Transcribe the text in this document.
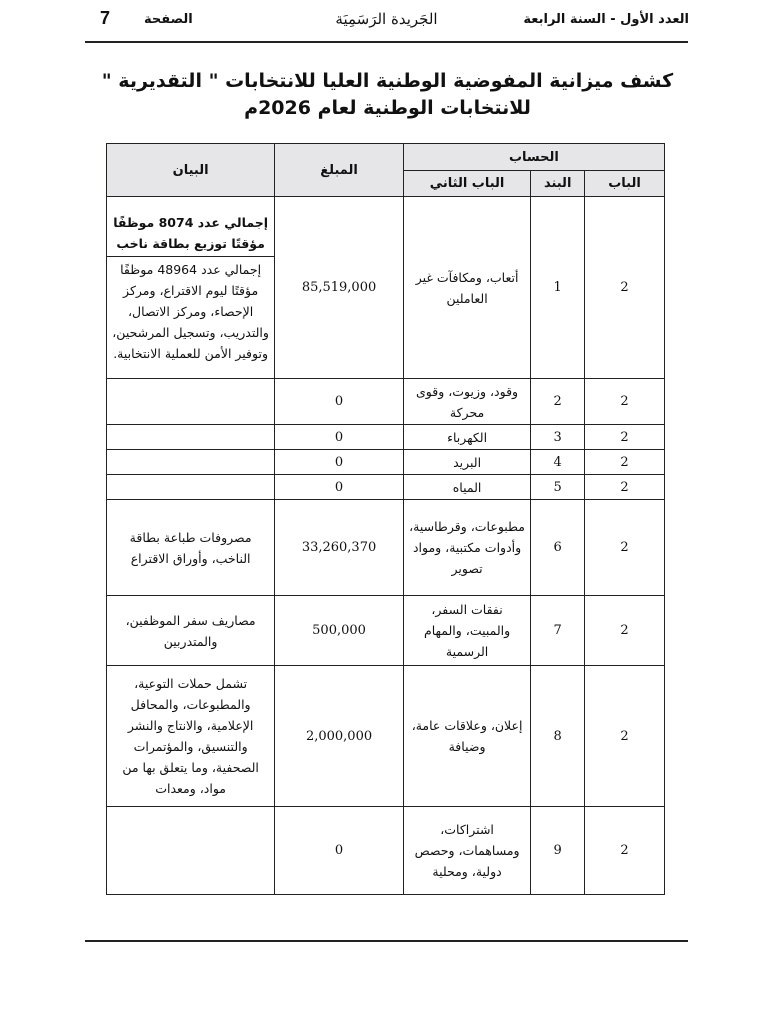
العدد الأول - السنة الرابعة
الجَريدة الرَسَمِيَة
الصفحة
7
كشف ميزانية المفوضية الوطنية العليا للانتخابات " التقديرية " للانتخابات الوطنية لعام 2026م
الحساب			المبلغ	البيان
الباب	البند	الباب الثاني		
2	1	أتعاب، ومكافآت غير العاملين	85,519,000	إجمالي عدد 8074 موظفًا مؤقتًا توزيع بطاقة ناخب
إجمالي عدد 48964 موظفًا مؤقتًا ليوم الاقتراع، ومركز الإحصاء، ومركز الاتصال، والتدريب، وتسجيل المرشحين، وتوفير الأمن للعملية الانتخابية.

2	2	وقود، وزيوت، وقوى محركة	0	
2	3	الكهرباء	0	
2	4	البريد	0	
2	5	المياه	0	
2	6	مطبوعات، وقرطاسية، وأدوات مكتبية، ومواد تصوير	33,260,370	مصروفات طباعة بطاقة الناخب، وأوراق الاقتراع
2	7	نفقات السفر، والمبيت، والمهام الرسمية	500,000	مصاريف سفر الموظفين، والمتدربين
2	8	إعلان، وعلاقات عامة، وضيافة	2,000,000	تشمل حملات التوعية، والمطبوعات، والمحافل الإعلامية، والانتاج والنشر والتنسيق، والمؤتمرات الصحفية، وما يتعلق بها من مواد، ومعدات
2	9	اشتراكات، ومساهمات، وحصص دولية، ومحلية	0	
